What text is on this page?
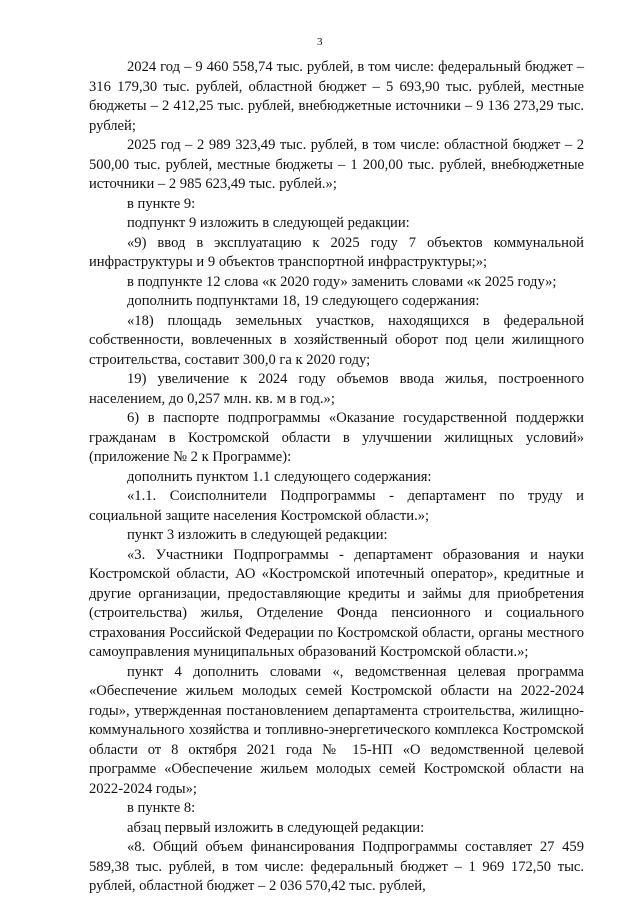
3

2024 год – 9 460 558,74 тыс. рублей, в том числе: федеральный бюджет – 316 179,30 тыс. рублей, областной бюджет – 5 693,90 тыс. рублей, местные бюджеты – 2 412,25 тыс. рублей, внебюджетные источники – 9 136 273,29 тыс. рублей;

2025 год – 2 989 323,49 тыс. рублей, в том числе: областной бюджет – 2 500,00 тыс. рублей, местные бюджеты – 1 200,00 тыс. рублей, внебюджетные источники – 2 985 623,49 тыс. рублей.»;

в пункте 9:

подпункт 9 изложить в следующей редакции:

«9) ввод в эксплуатацию к 2025 году 7 объектов коммунальной инфраструктуры и 9 объектов транспортной инфраструктуры;»;

в подпункте 12 слова «к 2020 году» заменить словами «к 2025 году»;

дополнить подпунктами 18, 19 следующего содержания:

«18) площадь земельных участков, находящихся в федеральной собственности, вовлеченных в хозяйственный оборот под цели жилищного строительства, составит 300,0 га к 2020 году;

19) увеличение к 2024 году объемов ввода жилья, построенного населением, до 0,257 млн. кв. м в год.»;

6) в паспорте подпрограммы «Оказание государственной поддержки гражданам в Костромской области в улучшении жилищных условий» (приложение № 2 к Программе):

дополнить пунктом 1.1 следующего содержания:

«1.1. Соисполнители Подпрограммы - департамент по труду и социальной защите населения Костромской области.»;

пункт 3 изложить в следующей редакции:

«3. Участники Подпрограммы - департамент образования и науки Костромской области, АО «Костромской ипотечный оператор», кредитные и другие организации, предоставляющие кредиты и займы для приобретения (строительства) жилья, Отделение Фонда пенсионного и социального страхования Российской Федерации по Костромской области, органы местного самоуправления муниципальных образований Костромской области.»;

пункт 4 дополнить словами «, ведомственная целевая программа «Обеспечение жильем молодых семей Костромской области на 2022-2024 годы», утвержденная постановлением департамента строительства, жилищно-коммунального хозяйства и топливно-энергетического комплекса Костромской области от 8 октября 2021 года № 15-НП «О ведомственной целевой программе «Обеспечение жильем молодых семей Костромской области на 2022-2024 годы»;

в пункте 8:

абзац первый изложить в следующей редакции:

«8. Общий объем финансирования Подпрограммы составляет 27 459 589,38 тыс. рублей, в том числе: федеральный бюджет – 1 969 172,50 тыс. рублей, областной бюджет – 2 036 570,42 тыс. рублей,
